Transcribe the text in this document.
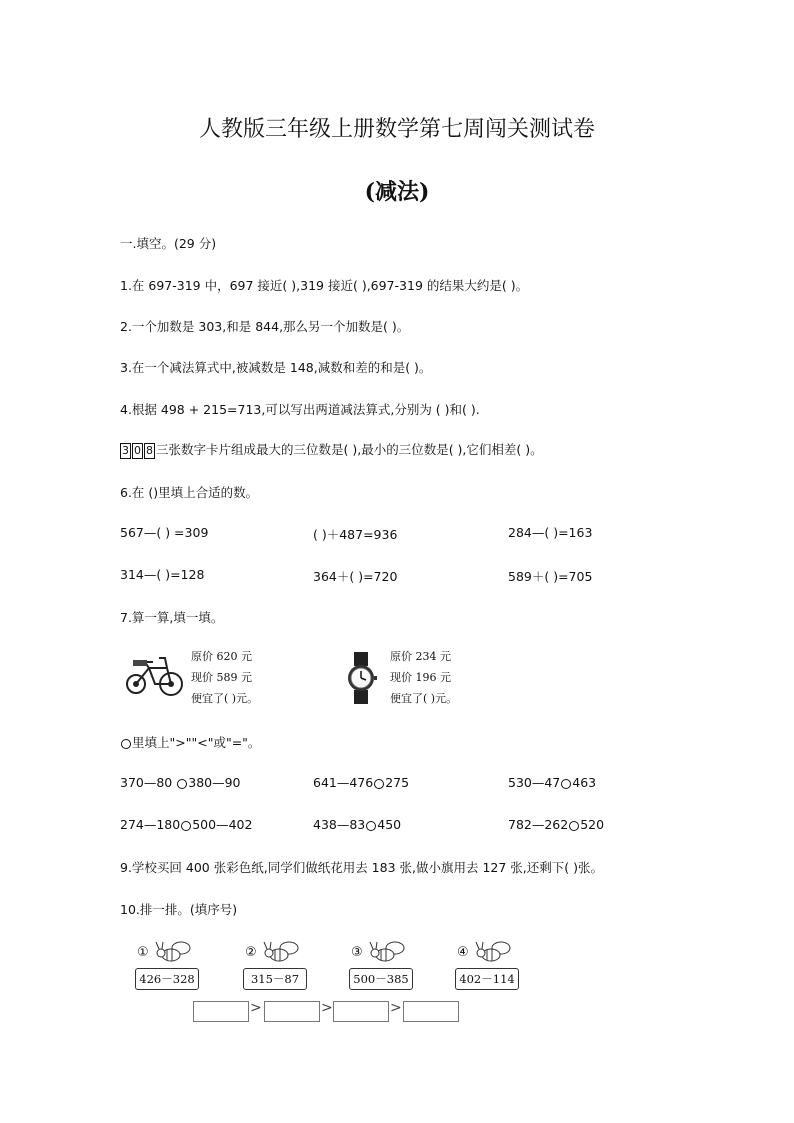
人教版三年级上册数学第七周闯关测试卷
(减法)
一.填空。(29 分)
1.在 697-319 中，697 接近( ),319 接近( ),697-319 的结果大约是( )。
2.一个加数是 303,和是 844,那么另一个加数是( )。
3.在一个减法算式中,被减数是 148,减数和差的和是( )。
4.根据 498 + 215=713,可以写出两道减法算式,分别为 ( )和( ).
3 0 8 三张数字卡片组成最大的三位数是( ),最小的三位数是( ),它们相差( )。
6.在 ()里填上合适的数。
567—( ) =309	( )＋487=936	284—( )=163
314—( )=128	364＋( )=720	589＋( )=705
7.算一算,填一填。
原价 620 元
现价 589 元
便宜了( )元。
原价 234 元
现价 196 元
便宜了( )元。
里填上">""<"或"="。
370—80 380—90	641—476 275	530—47 463
274—180 500—402	438—83 450	782—262 520
9.学校买回 400 张彩色纸,同学们做纸花用去 183 张,做小旗用去 127 张,还剩下( )张。
10.排一排。(填序号)
①
426－328
②
315－87
③
500－385
④
402－114
>	>	>
